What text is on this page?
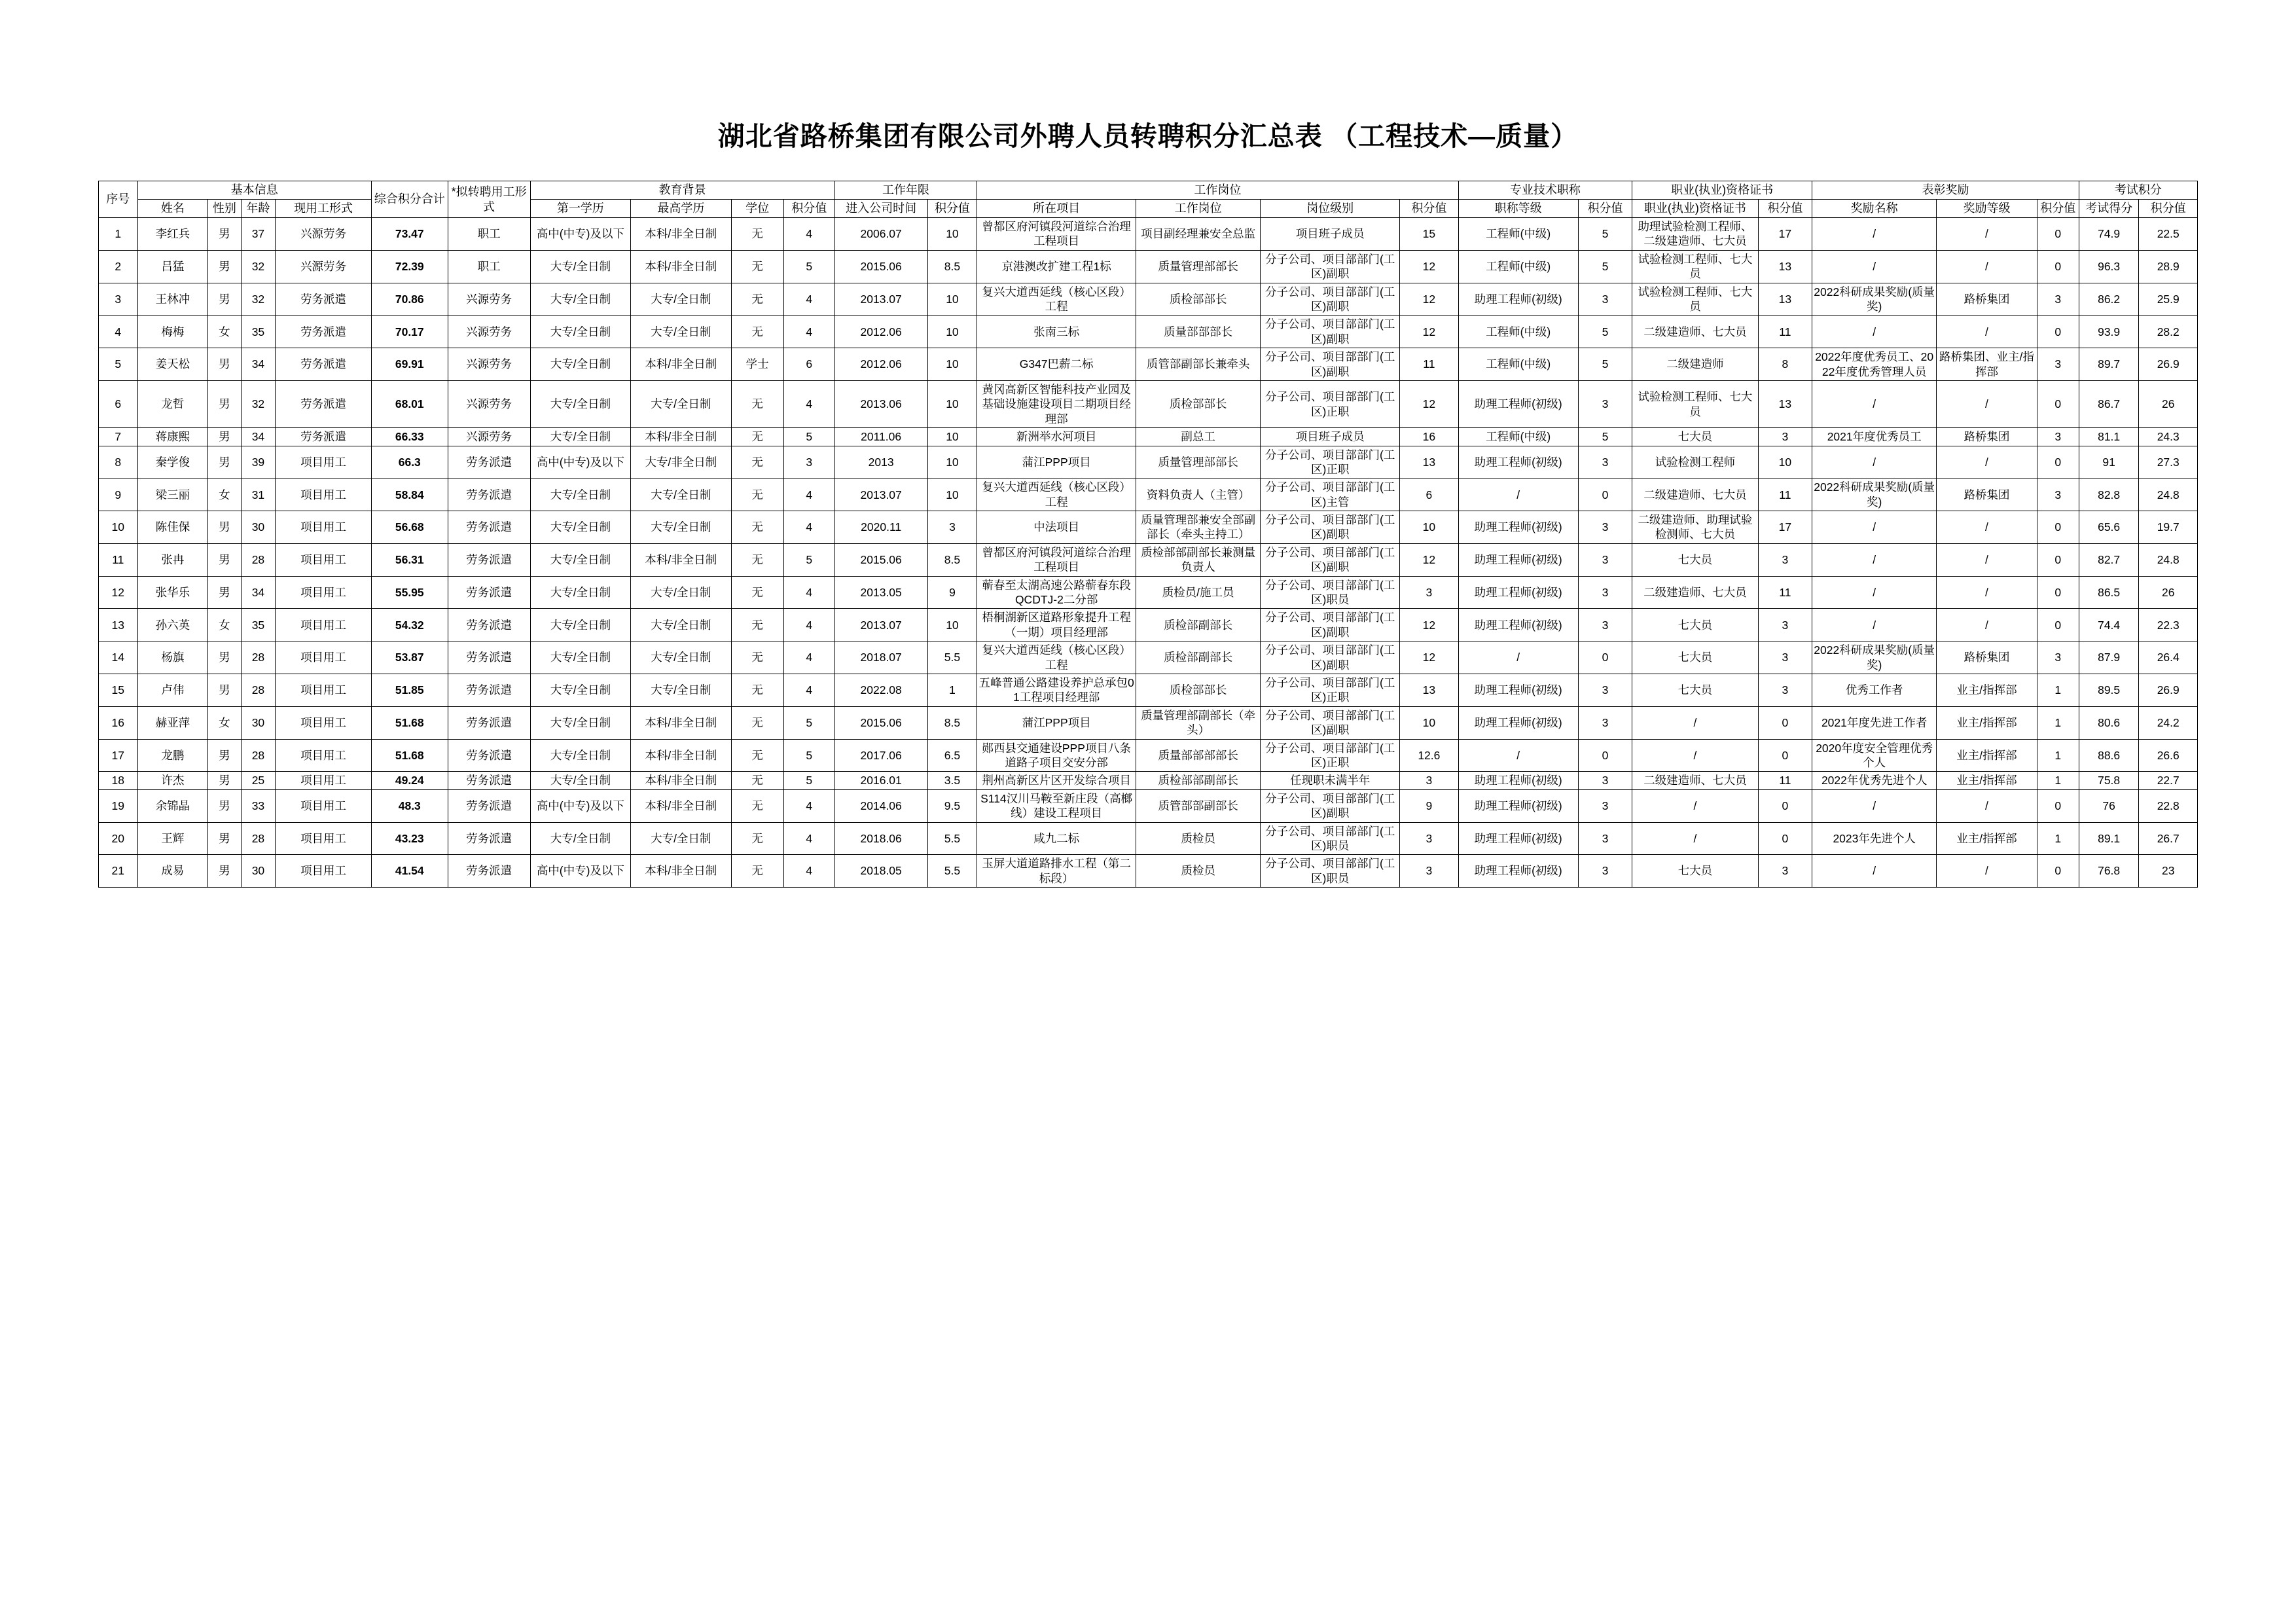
湖北省路桥集团有限公司外聘人员转聘积分汇总表 （工程技术—质量）
序号	基本信息				综合积分合计	*拟转聘用工形式	教育背景				工作年限		工作岗位				专业技术职称		职业(执业)资格证书		表彰奖励			考试积分	
	姓名	性别	年龄	现用工形式			第一学历	最高学历	学位	积分值	进入公司时间	积分值	所在项目	工作岗位	岗位级别	积分值	职称等级	积分值	职业(执业)资格证书	积分值	奖励名称	奖励等级	积分值	考试得分	积分值
1	李红兵	男	37	兴源劳务	73.47	职工	高中(中专)及以下	本科/非全日制	无	4	2006.07	10	曾都区府河镇段河道综合治理工程项目	项目副经理兼安全总监	项目班子成员	15	工程师(中级)	5	助理试验检测工程师、二级建造师、七大员	17	/	/	0	74.9	22.5
2	吕猛	男	32	兴源劳务	72.39	职工	大专/全日制	本科/非全日制	无	5	2015.06	8.5	京港澳改扩建工程1标	质量管理部部长	分子公司、项目部部门(工区)副职	12	工程师(中级)	5	试验检测工程师、七大员	13	/	/	0	96.3	28.9
3	王林冲	男	32	劳务派遣	70.86	兴源劳务	大专/全日制	大专/全日制	无	4	2013.07	10	复兴大道西延线（核心区段）工程	质检部部长	分子公司、项目部部门(工区)副职	12	助理工程师(初级)	3	试验检测工程师、七大员	13	2022科研成果奖励(质量奖)	路桥集团	3	86.2	25.9
4	梅梅	女	35	劳务派遣	70.17	兴源劳务	大专/全日制	大专/全日制	无	4	2012.06	10	张南三标	质量部部部长	分子公司、项目部部门(工区)副职	12	工程师(中级)	5	二级建造师、七大员	11	/	/	0	93.9	28.2
5	姜天松	男	34	劳务派遣	69.91	兴源劳务	大专/全日制	本科/非全日制	学士	6	2012.06	10	G347巴薪二标	质管部副部长兼牵头	分子公司、项目部部门(工区)副职	11	工程师(中级)	5	二级建造师	8	2022年度优秀员工、2022年度优秀管理人员	路桥集团、业主/指挥部	3	89.7	26.9
6	龙哲	男	32	劳务派遣	68.01	兴源劳务	大专/全日制	大专/全日制	无	4	2013.06	10	黄冈高新区智能科技产业园及基础设施建设项目二期项目经理部	质检部部长	分子公司、项目部部门(工区)正职	12	助理工程师(初级)	3	试验检测工程师、七大员	13	/	/	0	86.7	26
7	蒋康熙	男	34	劳务派遣	66.33	兴源劳务	大专/全日制	本科/非全日制	无	5	2011.06	10	新洲举水河项目	副总工	项目班子成员	16	工程师(中级)	5	七大员	3	2021年度优秀员工	路桥集团	3	81.1	24.3
8	秦学俊	男	39	项目用工	66.3	劳务派遣	高中(中专)及以下	大专/非全日制	无	3	2013	10	蒲江PPP项目	质量管理部部长	分子公司、项目部部门(工区)正职	13	助理工程师(初级)	3	试验检测工程师	10	/	/	0	91	27.3
9	梁三丽	女	31	项目用工	58.84	劳务派遣	大专/全日制	大专/全日制	无	4	2013.07	10	复兴大道西延线（核心区段）工程	资料负责人（主管）	分子公司、项目部部门(工区)主管	6	/	0	二级建造师、七大员	11	2022科研成果奖励(质量奖)	路桥集团	3	82.8	24.8
10	陈佳保	男	30	项目用工	56.68	劳务派遣	大专/全日制	大专/全日制	无	4	2020.11	3	中法项目	质量管理部兼安全部副部长（牵头主持工）	分子公司、项目部部门(工区)副职	10	助理工程师(初级)	3	二级建造师、助理试验检测师、七大员	17	/	/	0	65.6	19.7
11	张冉	男	28	项目用工	56.31	劳务派遣	大专/全日制	本科/非全日制	无	5	2015.06	8.5	曾都区府河镇段河道综合治理工程项目	质检部部副部长兼测量负责人	分子公司、项目部部门(工区)副职	12	助理工程师(初级)	3	七大员	3	/	/	0	82.7	24.8
12	张华乐	男	34	项目用工	55.95	劳务派遣	大专/全日制	大专/全日制	无	4	2013.05	9	蕲春至太湖高速公路蕲春东段QCDTJ-2二分部	质检员/施工员	分子公司、项目部部门(工区)职员	3	助理工程师(初级)	3	二级建造师、七大员	11	/	/	0	86.5	26
13	孙六英	女	35	项目用工	54.32	劳务派遣	大专/全日制	大专/全日制	无	4	2013.07	10	梧桐湖新区道路形象提升工程（一期）项目经理部	质检部副部长	分子公司、项目部部门(工区)副职	12	助理工程师(初级)	3	七大员	3	/	/	0	74.4	22.3
14	杨旗	男	28	项目用工	53.87	劳务派遣	大专/全日制	大专/全日制	无	4	2018.07	5.5	复兴大道西延线（核心区段）工程	质检部副部长	分子公司、项目部部门(工区)副职	12	/	0	七大员	3	2022科研成果奖励(质量奖)	路桥集团	3	87.9	26.4
15	卢伟	男	28	项目用工	51.85	劳务派遣	大专/全日制	大专/全日制	无	4	2022.08	1	五峰普通公路建设养护总承包01工程项目经理部	质检部部长	分子公司、项目部部门(工区)正职	13	助理工程师(初级)	3	七大员	3	优秀工作者	业主/指挥部	1	89.5	26.9
16	赫亚萍	女	30	项目用工	51.68	劳务派遣	大专/全日制	本科/非全日制	无	5	2015.06	8.5	蒲江PPP项目	质量管理部副部长（牵头）	分子公司、项目部部门(工区)副职	10	助理工程师(初级)	3	/	0	2021年度先进工作者	业主/指挥部	1	80.6	24.2
17	龙鹏	男	28	项目用工	51.68	劳务派遣	大专/全日制	本科/非全日制	无	5	2017.06	6.5	郧西县交通建设PPP项目八条道路子项目交安分部	质量部部部部长	分子公司、项目部部门(工区)正职	12.6	/	0	/	0	2020年度安全管理优秀个人	业主/指挥部	1	88.6	26.6
18	许杰	男	25	项目用工	49.24	劳务派遣	大专/全日制	本科/非全日制	无	5	2016.01	3.5	荆州高新区片区开发综合项目	质检部部副部长	任现职未满半年	3	助理工程师(初级)	3	二级建造师、七大员	11	2022年优秀先进个人	业主/指挥部	1	75.8	22.7
19	余锦晶	男	33	项目用工	48.3	劳务派遣	高中(中专)及以下	本科/非全日制	无	4	2014.06	9.5	S114汉川马鞍至新庄段（高榔线）建设工程项目	质管部部副部长	分子公司、项目部部门(工区)副职	9	助理工程师(初级)	3	/	0	/	/	0	76	22.8
20	王辉	男	28	项目用工	43.23	劳务派遣	大专/全日制	大专/全日制	无	4	2018.06	5.5	咸九二标	质检员	分子公司、项目部部门(工区)职员	3	助理工程师(初级)	3	/	0	2023年先进个人	业主/指挥部	1	89.1	26.7
21	成易	男	30	项目用工	41.54	劳务派遣	高中(中专)及以下	本科/非全日制	无	4	2018.05	5.5	玉屏大道道路排水工程（第二标段）	质检员	分子公司、项目部部门(工区)职员	3	助理工程师(初级)	3	七大员	3	/	/	0	76.8	23
